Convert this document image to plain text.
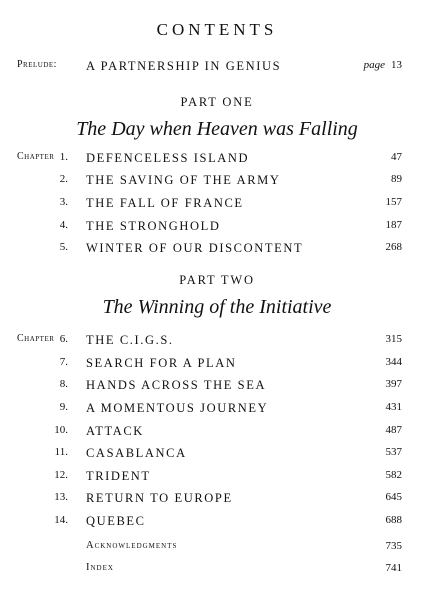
CONTENTS
Prelude: A PARTNERSHIP IN GENIUS	page 13
PART ONE
The Day when Heaven was Falling
Chapter 1. DEFENCELESS ISLAND	47
2. THE SAVING OF THE ARMY	89
3. THE FALL OF FRANCE	157
4. THE STRONGHOLD	187
5. WINTER OF OUR DISCONTENT	268
PART TWO
The Winning of the Initiative
Chapter 6. THE C.I.G.S.	315
7. SEARCH FOR A PLAN	344
8. HANDS ACROSS THE SEA	397
9. A MOMENTOUS JOURNEY	431
10. ATTACK	487
11. CASABLANCA	537
12. TRIDENT	582
13. RETURN TO EUROPE	645
14. QUEBEC	688
Acknowledgments	735
Index	741
